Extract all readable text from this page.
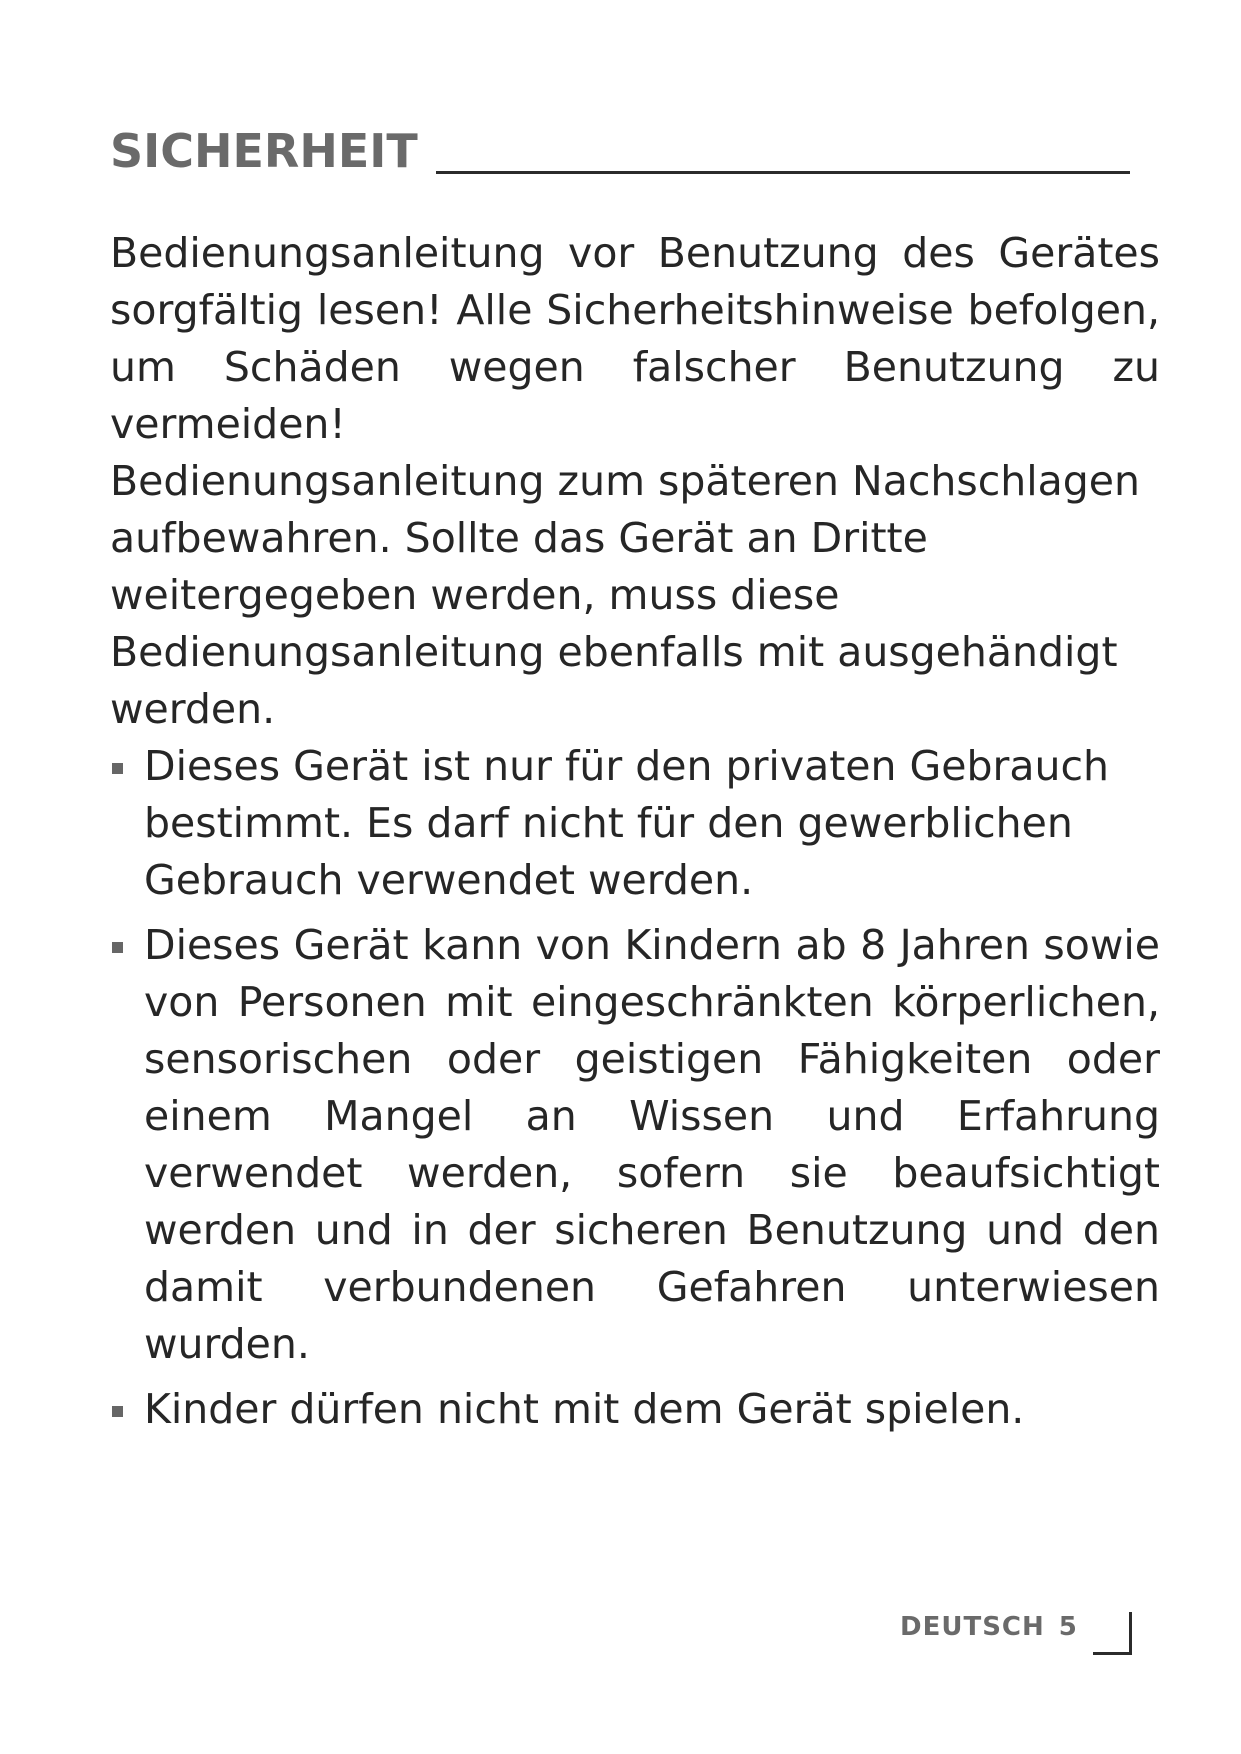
SICHERHEIT

Bedienungsanleitung vor Benutzung des Gerätes sorgfältig lesen! Alle Sicherheitshinweise befolgen, um Schäden wegen falscher Benutzung zu vermeiden!

Bedienungsanleitung zum späteren Nachschlagen aufbewahren. Sollte das Gerät an Dritte weitergegeben werden, muss diese Bedienungsanleitung ebenfalls mit ausgehändigt werden.

Dieses Gerät ist nur für den privaten Gebrauch bestimmt. Es darf nicht für den gewerblichen Gebrauch verwendet werden.
Dieses Gerät kann von Kindern ab 8 Jahren sowie von Personen mit eingeschränkten körperlichen, sensorischen oder geistigen Fähigkeiten oder einem Mangel an Wissen und Erfahrung verwendet werden, sofern sie beaufsichtigt werden und in der sicheren Benutzung und den damit verbundenen Gefahren unterwiesen wurden.
Kinder dürfen nicht mit dem Gerät spielen.
DEUTSCH 5
